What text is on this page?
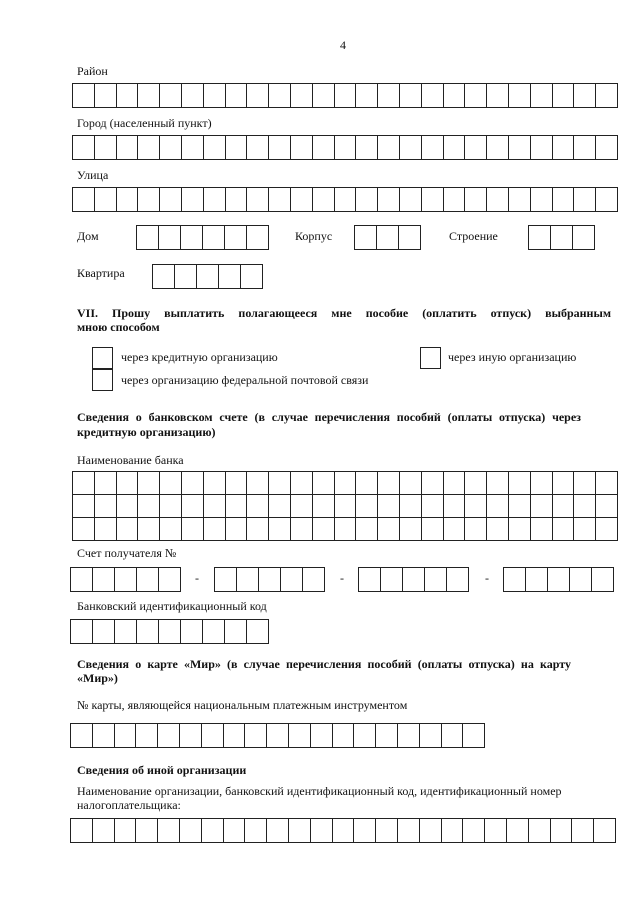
4
Район
Город (населенный пункт)
Улица
Дом	Корпус	Строение
Квартира
VII. Прошу выплатить полагающееся мне пособие (оплатить отпуск) выбранным
мною способом
через кредитную организацию	через иную организацию
через организацию федеральной почтовой связи
Сведения о банковском счете (в случае перечисления пособий (оплаты отпуска) через
кредитную организацию)
Наименование банка
Счет получателя №
-	-	-
Банковский идентификационный код
Сведения о карте «Мир» (в случае перечисления пособий (оплаты отпуска) на карту
«Мир»)
№ карты, являющейся национальным платежным инструментом
Сведения об иной организации
Наименование организации, банковский идентификационный код, идентификационный номер
налогоплательщика:
